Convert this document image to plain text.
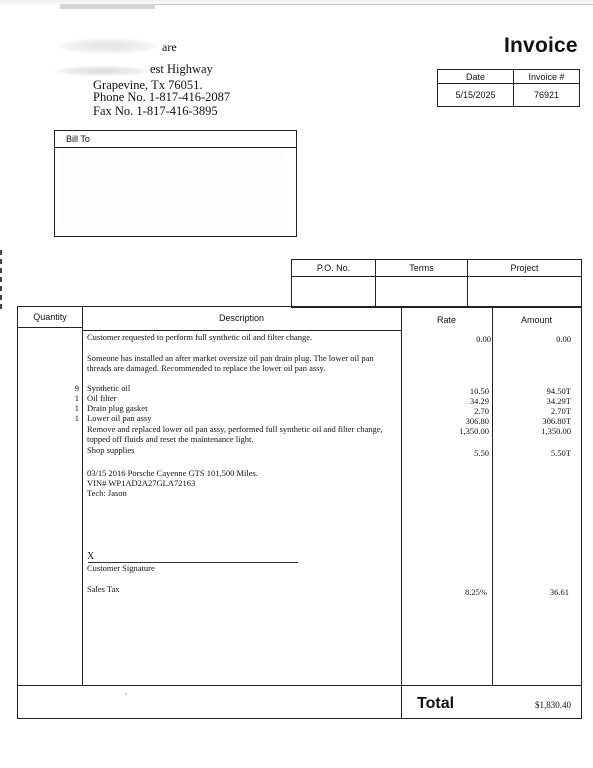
are
est Highway
Grapevine, Tx 76051.
Phone No. 1-817-416-2087
Fax No. 1-817-416-3895
Invoice
Date	Invoice #
5/15/2025	76921
Bill To
P.O. No.	Terms	Project
Quantity	Description	Rate	Amount
Customer requested to perform full synthetic oil and filter change.	0.00	0.00
Someone has installed an after market oversize oil pan drain plug. The lower oil pan
threads are damaged. Recommended to replace the lower oil pan assy.
9 Synthetic oil	10.50	94.50T
1 Oil filter	34.29	34.29T
1 Drain plug gasket	2.70	2.70T
1 Lower oil pan assy	306.80	306.80T
Remove and replaced lower oil pan assy, performed full synthetic oil and filter change,
topped off fluids and reset the maintenance light.
1,350.00	1,350.00
Shop supplies	5.50	5.50T
03/15 2016 Porsche Cayenne GTS 101,500 Miles.
VIN# WP1AD2A27GLA72163
Tech: Jason
X
Customer Signature
Sales Tax	8.25%	36.61
Total	$1,830.40
